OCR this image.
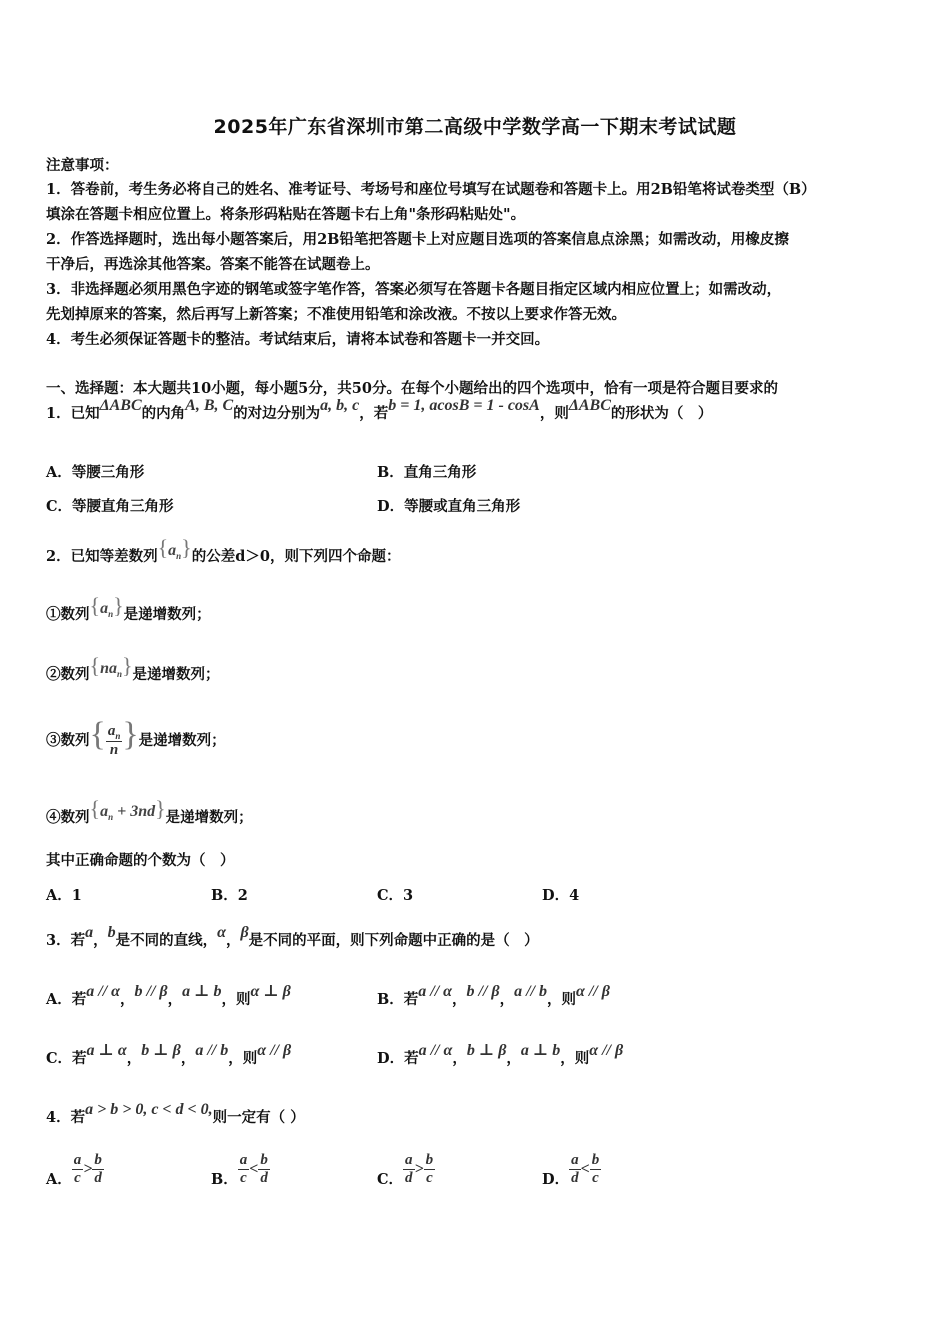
2025年广东省深圳市第二高级中学数学高一下期末考试试题
注意事项：
1．答卷前，考生务必将自己的姓名、准考证号、考场号和座位号填写在试题卷和答题卡上。用2B铅笔将试卷类型（B）
填涂在答题卡相应位置上。将条形码粘贴在答题卡右上角"条形码粘贴处"。
2．作答选择题时，选出每小题答案后，用2B铅笔把答题卡上对应题目选项的答案信息点涂黑；如需改动，用橡皮擦
干净后，再选涂其他答案。答案不能答在试题卷上。
3．非选择题必须用黑色字迹的钢笔或签字笔作答，答案必须写在答题卡各题目指定区域内相应位置上；如需改动，
先划掉原来的答案，然后再写上新答案；不准使用铅笔和涂改液。不按以上要求作答无效。
4．考生必须保证答题卡的整洁。考试结束后，请将本试卷和答题卡一并交回。
一、选择题：本大题共10小题，每小题5分，共50分。在每个小题给出的四个选项中，恰有一项是符合题目要求的
1．已知ΔABC的内角A, B, C的对边分别为a, b, c，若b = 1, acosB = 1 - cosA，则ΔABC的形状为（　）
A．等腰三角形	B．直角三角形
C．等腰直角三角形	D．等腰或直角三角形
2．已知等差数列$\{a_n\}$的公差d＞0，则下列四个命题：
①数列$\{a_n\}$是递增数列；
②数列$\{na_n\}$是递增数列；
③数列{ $\frac{a_n}{n}$ }是递增数列；
④数列$\{a_n + 3nd\}$是递增数列；
其中正确命题的个数为（　）
A．1	B．2	C．3	D．4
3．若a，b是不同的直线，α，β是不同的平面，则下列命题中正确的是（　）
A．若a // α，b // β，a ⊥ b，则α ⊥ β	B．若a // α，b // β，a // b，则α // β
C．若a ⊥ α，b ⊥ β，a // b，则α // β	D．若a // α，b ⊥ β，a ⊥ b，则α // β
4．若a > b > 0, c < d < 0,则一定有（ ）
A． $\frac{a}{c} > \frac{b}{d}$	B． $\frac{a}{c} < \frac{b}{d}$	C． $\frac{a}{d} > \frac{b}{c}$	D． $\frac{a}{d} < \frac{b}{c}$
